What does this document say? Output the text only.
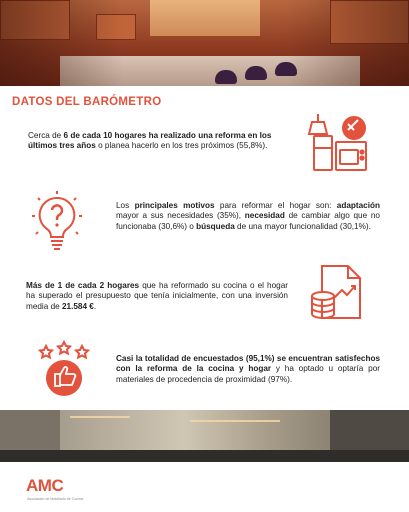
DATOS DEL BARÓMETRO
Cerca de 6 de cada 10 hogares ha realizado una reforma en los últimos tres años o planea hacerlo en los tres próximos (55,8%).
Los principales motivos para reformar el hogar son: adaptación mayor a sus necesidades (35%), necesidad de cambiar algo que no funcionaba (30,6%) o búsqueda de una mayor funcionalidad (30,1%).
Más de 1 de cada 2 hogares que ha reformado su cocina o el hogar ha superado el presupuesto que tenía inicialmente, con una inversión media de 21.584 €.
Casi la totalidad de encuestados (95,1%) se encuentran satisfechos con la reforma de la cocina y hogar y ha optado u optaría por materiales de procedencia de proximidad (97%).
AMC
Asociación de Mobiliario de Cocina
